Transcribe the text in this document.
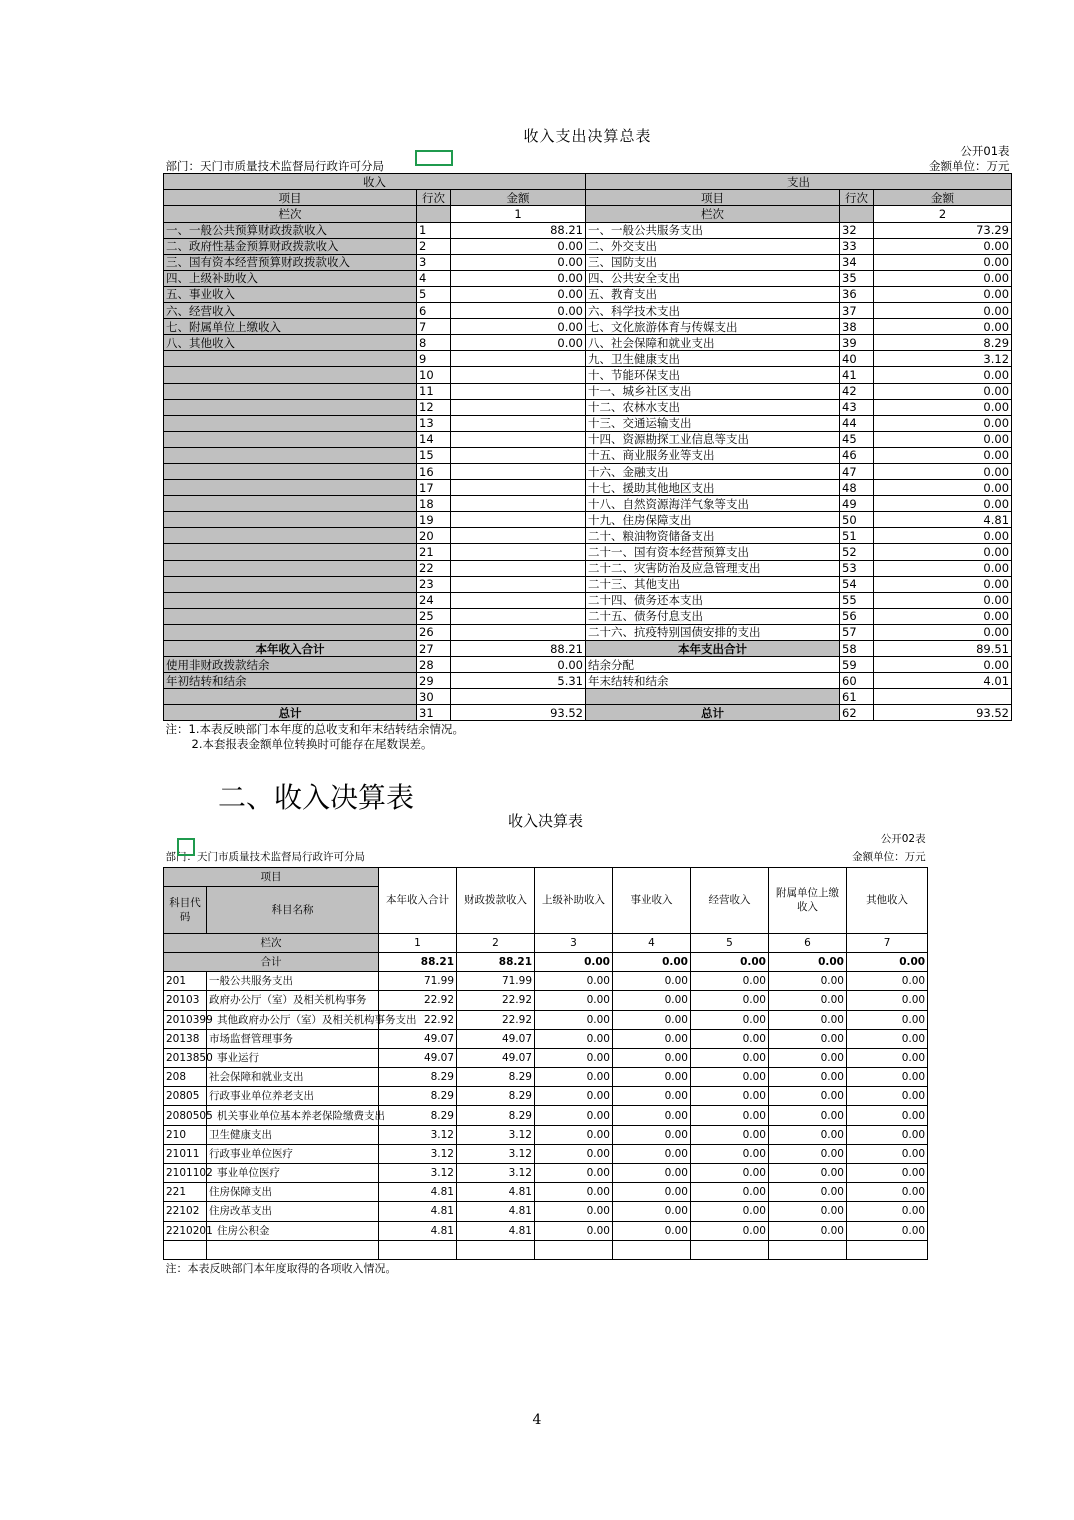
收入支出决算总表					
					公开01表
部门：天门市质量技术监督局行政许可分局					金额单位：万元
收入			支出		
项目	行次	金额	项目	行次	金额
栏次		1	栏次		2
一、一般公共预算财政拨款收入	1	88.21	一、一般公共服务支出	32	73.29
二、政府性基金预算财政拨款收入	2	0.00	二、外交支出	33	0.00
三、国有资本经营预算财政拨款收入	3	0.00	三、国防支出	34	0.00
四、上级补助收入	4	0.00	四、公共安全支出	35	0.00
五、事业收入	5	0.00	五、教育支出	36	0.00
六、经营收入	6	0.00	六、科学技术支出	37	0.00
七、附属单位上缴收入	7	0.00	七、文化旅游体育与传媒支出	38	0.00
八、其他收入	8	0.00	八、社会保障和就业支出	39	8.29
	9		九、卫生健康支出	40	3.12
	10		十、节能环保支出	41	0.00
	11		十一、城乡社区支出	42	0.00
	12		十二、农林水支出	43	0.00
	13		十三、交通运输支出	44	0.00
	14		十四、资源勘探工业信息等支出	45	0.00
	15		十五、商业服务业等支出	46	0.00
	16		十六、金融支出	47	0.00
	17		十七、援助其他地区支出	48	0.00
	18		十八、自然资源海洋气象等支出	49	0.00
	19		十九、住房保障支出	50	4.81
	20		二十、粮油物资储备支出	51	0.00
	21		二十一、国有资本经营预算支出	52	0.00
	22		二十二、灾害防治及应急管理支出	53	0.00
	23		二十三、其他支出	54	0.00
	24		二十四、债务还本支出	55	0.00
	25		二十五、债务付息支出	56	0.00
	26		二十六、抗疫特别国债安排的支出	57	0.00
本年收入合计	27	88.21	本年支出合计	58	89.51
使用非财政拨款结余	28	0.00	结余分配	59	0.00
年初结转和结余	29	5.31	年末结转和结余	60	4.01
	30			61	
总计	31	93.52	总计	62	93.52
注：1.本表反映部门本年度的总收支和年末结转结余情况。					
2.本套报表金额单位转换时可能存在尾数误差。					
二、收入决算表
收入决算表								
								公开02表
部门：天门市质量技术监督局行政许可分局								金额单位：万元
项目		本年收入合计	财政拨款收入	上级补助收入	事业收入	经营收入	附属单位上缴收入	其他收入
科目代码	科目名称							
栏次		1	2	3	4	5	6	7
合计		88.21	88.21	0.00	0.00	0.00	0.00	0.00
201	一般公共服务支出	71.99	71.99	0.00	0.00	0.00	0.00	0.00
20103	政府办公厅（室）及相关机构事务	22.92	22.92	0.00	0.00	0.00	0.00	0.00
2010399	其他政府办公厅（室）及相关机构事务支出	22.92	22.92	0.00	0.00	0.00	0.00	0.00
20138	市场监督管理事务	49.07	49.07	0.00	0.00	0.00	0.00	0.00
2013850	事业运行	49.07	49.07	0.00	0.00	0.00	0.00	0.00
208	社会保障和就业支出	8.29	8.29	0.00	0.00	0.00	0.00	0.00
20805	行政事业单位养老支出	8.29	8.29	0.00	0.00	0.00	0.00	0.00
2080505	机关事业单位基本养老保险缴费支出	8.29	8.29	0.00	0.00	0.00	0.00	0.00
210	卫生健康支出	3.12	3.12	0.00	0.00	0.00	0.00	0.00
21011	行政事业单位医疗	3.12	3.12	0.00	0.00	0.00	0.00	0.00
2101102	事业单位医疗	3.12	3.12	0.00	0.00	0.00	0.00	0.00
221	住房保障支出	4.81	4.81	0.00	0.00	0.00	0.00	0.00
22102	住房改革支出	4.81	4.81	0.00	0.00	0.00	0.00	0.00
2210201	住房公积金	4.81	4.81	0.00	0.00	0.00	0.00	0.00

注：本表反映部门本年度取得的各项收入情况。								
4
